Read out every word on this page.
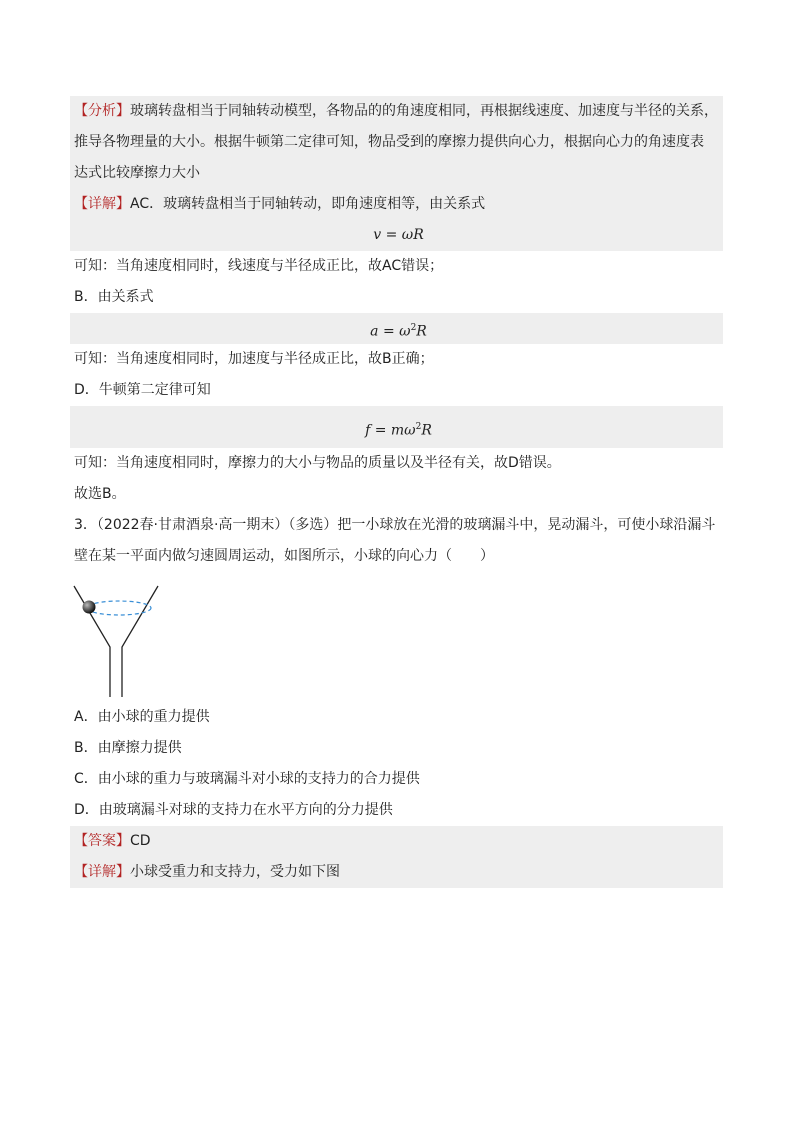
【分析】玻璃转盘相当于同轴转动模型，各物品的的角速度相同，再根据线速度、加速度与半径的关系，
推导各物理量的大小。根据牛顿第二定律可知，物品受到的摩擦力提供向心力，根据向心力的角速度表
达式比较摩擦力大小
【详解】AC．玻璃转盘相当于同轴转动，即角速度相等，由关系式
v = ωR
可知：当角速度相同时，线速度与半径成正比，故AC错误；
B．由关系式
$a = \omega^2R$
可知：当角速度相同时，加速度与半径成正比，故B正确；
D．牛顿第二定律可知
$f = m\omega^2R$
可知：当角速度相同时，摩擦力的大小与物品的质量以及半径有关，故D错误。
故选B。
3．（2022春·甘肃酒泉·高一期末）（多选）把一小球放在光滑的玻璃漏斗中，晃动漏斗，可使小球沿漏斗
壁在某一平面内做匀速圆周运动，如图所示，小球的向心力（　　）
A．由小球的重力提供
B．由摩擦力提供
C．由小球的重力与玻璃漏斗对小球的支持力的合力提供
D．由玻璃漏斗对球的支持力在水平方向的分力提供
【答案】CD
【详解】小球受重力和支持力，受力如下图
